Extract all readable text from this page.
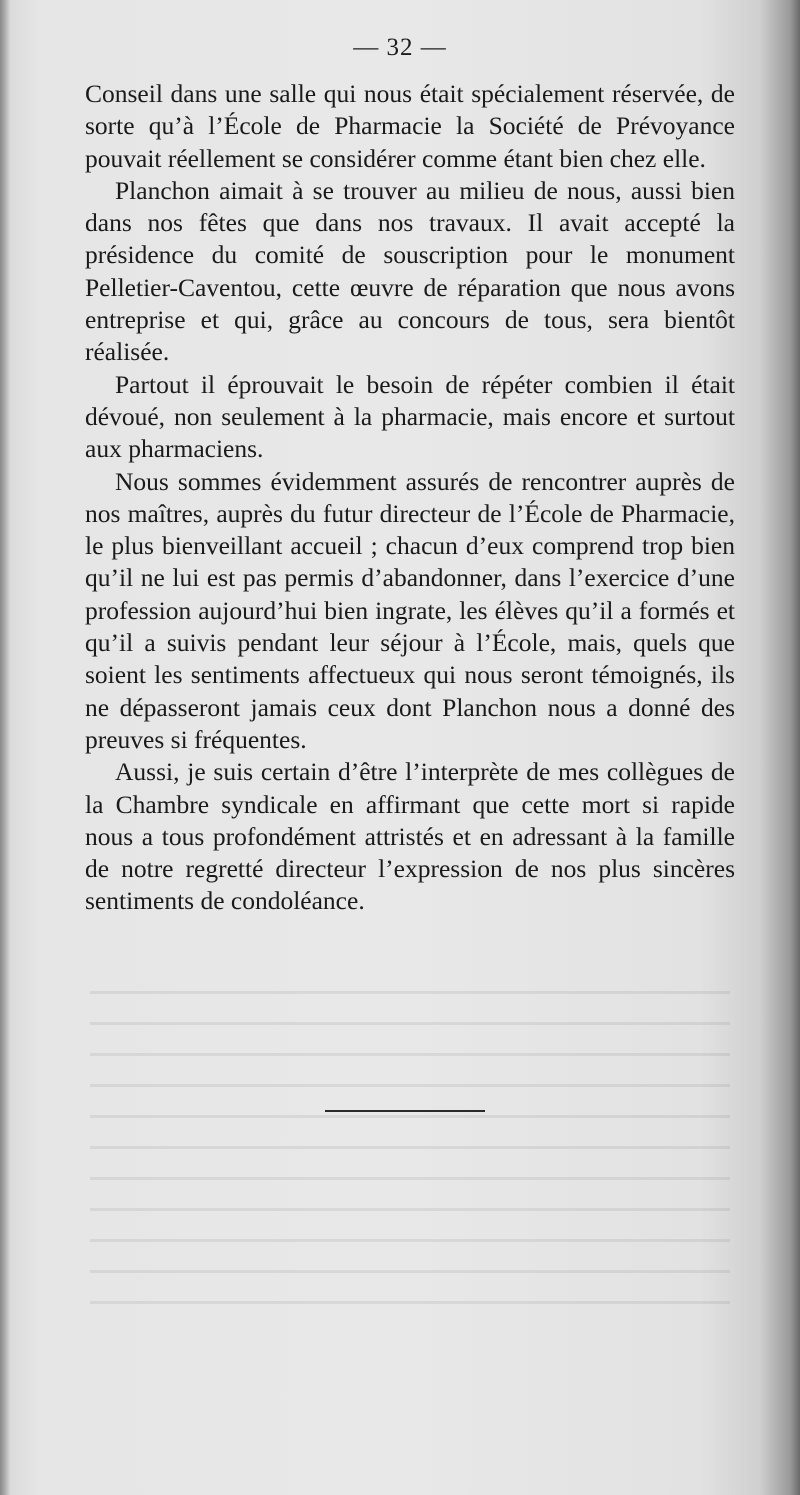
— 32 —

Conseil dans une salle qui nous était spécialement réservée, de sorte qu’à l’École de Pharmacie la Société de Prévoyance pouvait réellement se considérer comme étant bien chez elle.

Planchon aimait à se trouver au milieu de nous, aussi bien dans nos fêtes que dans nos travaux. Il avait accepté la présidence du comité de souscription pour le monument Pelletier-Caventou, cette œuvre de réparation que nous avons entreprise et qui, grâce au concours de tous, sera bientôt réalisée.

Partout il éprouvait le besoin de répéter combien il était dévoué, non seulement à la pharmacie, mais encore et surtout aux pharmaciens.

Nous sommes évidemment assurés de rencontrer auprès de nos maîtres, auprès du futur directeur de l’École de Pharmacie, le plus bienveillant accueil ; chacun d’eux comprend trop bien qu’il ne lui est pas permis d’abandonner, dans l’exercice d’une profession aujourd’hui bien ingrate, les élèves qu’il a formés et qu’il a suivis pendant leur séjour à l’École, mais, quels que soient les sentiments affectueux qui nous seront témoignés, ils ne dépasseront jamais ceux dont Planchon nous a donné des preuves si fréquentes.

Aussi, je suis certain d’être l’interprète de mes collègues de la Chambre syndicale en affirmant que cette mort si rapide nous a tous profondément attristés et en adressant à la famille de notre regretté directeur l’expression de nos plus sincères sentiments de condoléance.
